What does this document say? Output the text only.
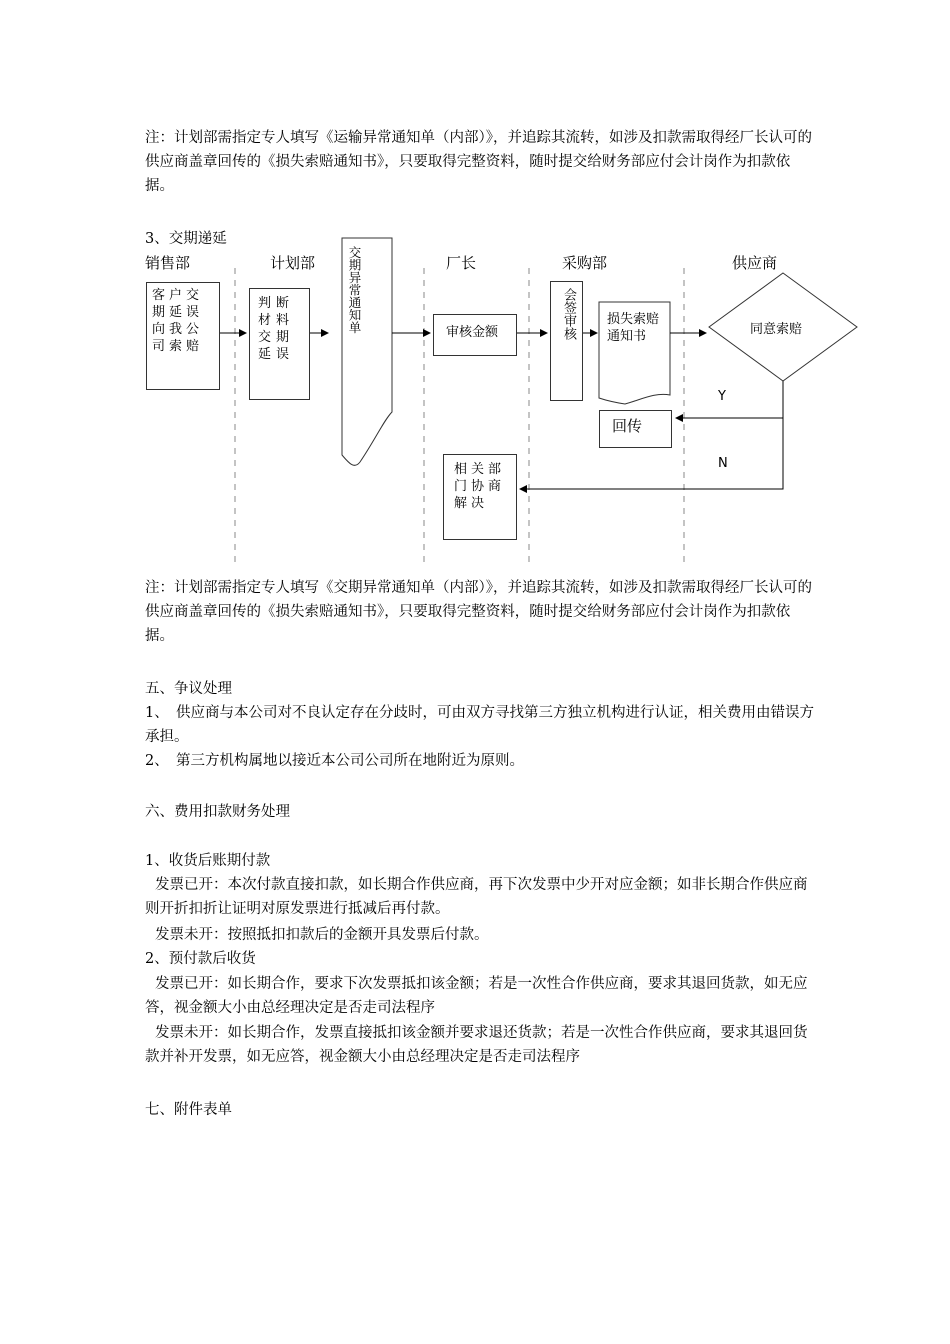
注：计划部需指定专人填写《运输异常通知单（内部）》，并追踪其流转，如涉及扣款需取得经厂长认可的供应商盖章回传的《损失索赔通知书》，只要取得完整资料，随时提交给财务部应付会计岗作为扣款依据。

3、交期递延

销售部	计划部	厂长	采购部	供应商
客户交期延误向我公司索赔
判断材料交期延误
交期异常通知单	审核金额	会签审核 损失索赔通知书	同意索赔
Y
N
回传
相关部门协商解决

注：计划部需指定专人填写《交期异常通知单（内部）》，并追踪其流转，如涉及扣款需取得经厂长认可的供应商盖章回传的《损失索赔通知书》，只要取得完整资料，随时提交给财务部应付会计岗作为扣款依据。

五、争议处理

1、　供应商与本公司对不良认定存在分歧时，可由双方寻找第三方独立机构进行认证，相关费用由错误方承担。

2、　第三方机构属地以接近本公司公司所在地附近为原则。

六、费用扣款财务处理

1、收货后账期付款

发票已开：本次付款直接扣款，如长期合作供应商，再下次发票中少开对应金额；如非长期合作供应商则开折扣折让证明对原发票进行抵减后再付款。

发票未开：按照抵扣扣款后的金额开具发票后付款。

2、预付款后收货

发票已开：如长期合作，要求下次发票抵扣该金额；若是一次性合作供应商，要求其退回货款，如无应答，视金额大小由总经理决定是否走司法程序

发票未开：如长期合作，发票直接抵扣该金额并要求退还货款；若是一次性合作供应商，要求其退回货款并补开发票，如无应答，视金额大小由总经理决定是否走司法程序

七、附件表单
